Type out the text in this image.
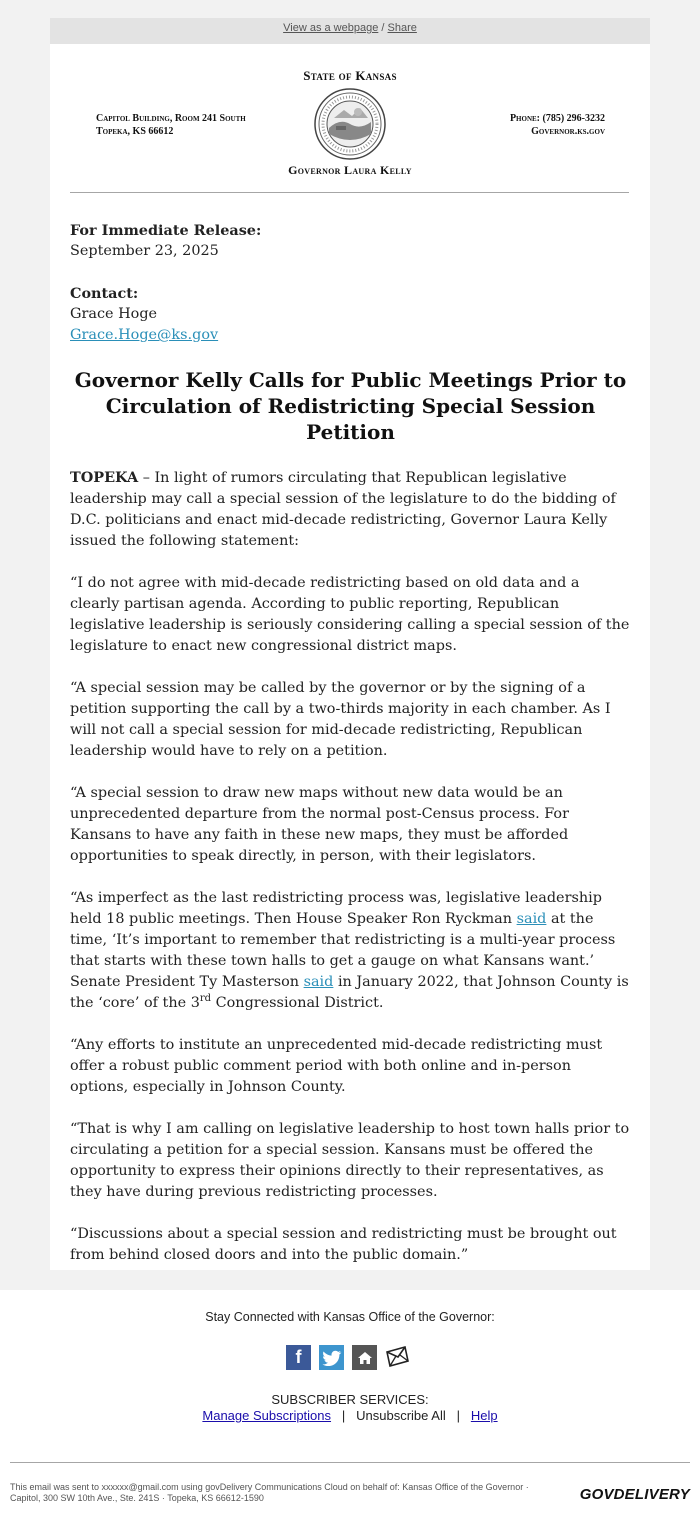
View as a webpage / Share
State of Kansas
Capitol Building, Room 241 South
Topeka, KS 66612
Phone: (785) 296-3232
Governor.ks.gov
Governor Laura Kelly
For Immediate Release:
September 23, 2025
Contact:
Grace Hoge
Grace.Hoge@ks.gov
Governor Kelly Calls for Public Meetings Prior to Circulation of Redistricting Special Session Petition

TOPEKA – In light of rumors circulating that Republican legislative leadership may call a special session of the legislature to do the bidding of D.C. politicians and enact mid-decade redistricting, Governor Laura Kelly issued the following statement:

“I do not agree with mid-decade redistricting based on old data and a clearly partisan agenda. According to public reporting, Republican legislative leadership is seriously considering calling a special session of the legislature to enact new congressional district maps.

“A special session may be called by the governor or by the signing of a petition supporting the call by a two-thirds majority in each chamber. As I will not call a special session for mid-decade redistricting, Republican leadership would have to rely on a petition.

“A special session to draw new maps without new data would be an unprecedented departure from the normal post-Census process. For Kansans to have any faith in these new maps, they must be afforded opportunities to speak directly, in person, with their legislators.

“As imperfect as the last redistricting process was, legislative leadership held 18 public meetings. Then House Speaker Ron Ryckman said at the time, ‘It’s important to remember that redistricting is a multi-year process that starts with these town halls to get a gauge on what Kansans want.’ Senate President Ty Masterson said in January 2022, that Johnson County is the ‘core’ of the 3rd Congressional District.

“Any efforts to institute an unprecedented mid-decade redistricting must offer a robust public comment period with both online and in-person options, especially in Johnson County.

“That is why I am calling on legislative leadership to host town halls prior to circulating a petition for a special session. Kansans must be offered the opportunity to express their opinions directly to their representatives, as they have during previous redistricting processes.

“Discussions about a special session and redistricting must be brought out from behind closed doors and into the public domain.”

Stay Connected with Kansas Office of the Governor:
f
SUBSCRIBER SERVICES:
Manage Subscriptions | Unsubscribe All | Help
This email was sent to xxxxxx@gmail.com using govDelivery Communications Cloud on behalf of: Kansas Office of the Governor ·
Capitol, 300 SW 10th Ave., Ste. 241S · Topeka, KS 66612-1590	GOVDELIVERY
